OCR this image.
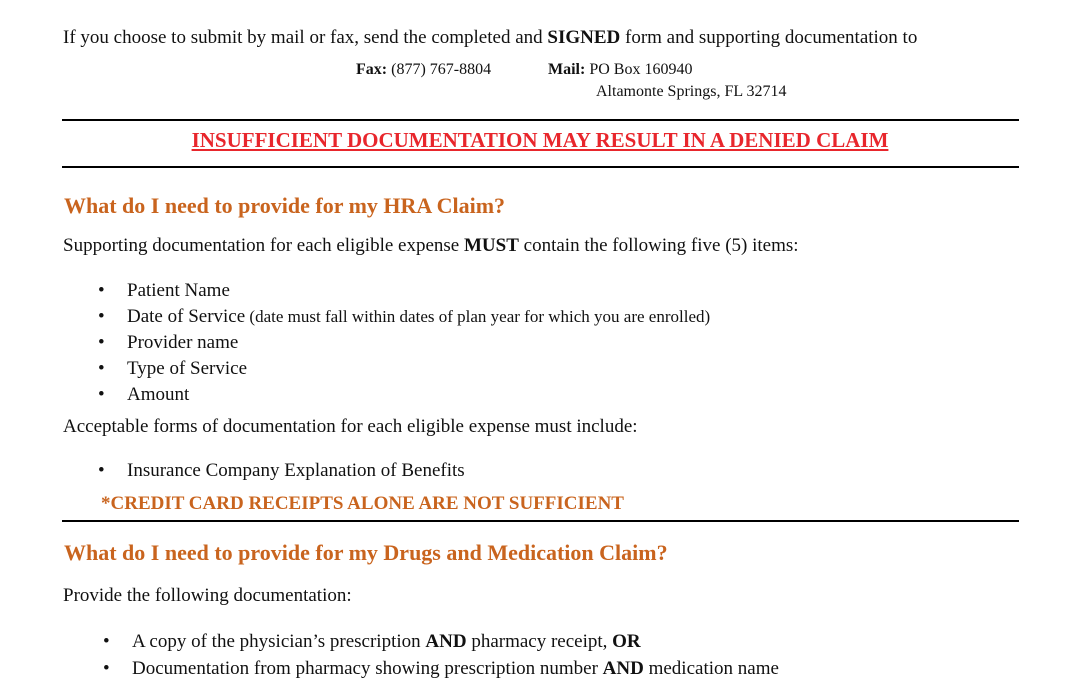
If you choose to submit by mail or fax, send the completed and SIGNED form and supporting documentation to
Fax: (877) 767-8804	Mail: PO Box 160940
Altamonte Springs, FL 32714
INSUFFICIENT DOCUMENTATION MAY RESULT IN A DENIED CLAIM
What do I need to provide for my HRA Claim?
Supporting documentation for each eligible expense MUST contain the following five (5) items:
• Patient Name
• Date of Service (date must fall within dates of plan year for which you are enrolled)
• Provider name
• Type of Service
• Amount
Acceptable forms of documentation for each eligible expense must include:
• Insurance Company Explanation of Benefits
*CREDIT CARD RECEIPTS ALONE ARE NOT SUFFICIENT
What do I need to provide for my Drugs and Medication Claim?
Provide the following documentation:
• A copy of the physician’s prescription AND pharmacy receipt, OR
• Documentation from pharmacy showing prescription number AND medication name
